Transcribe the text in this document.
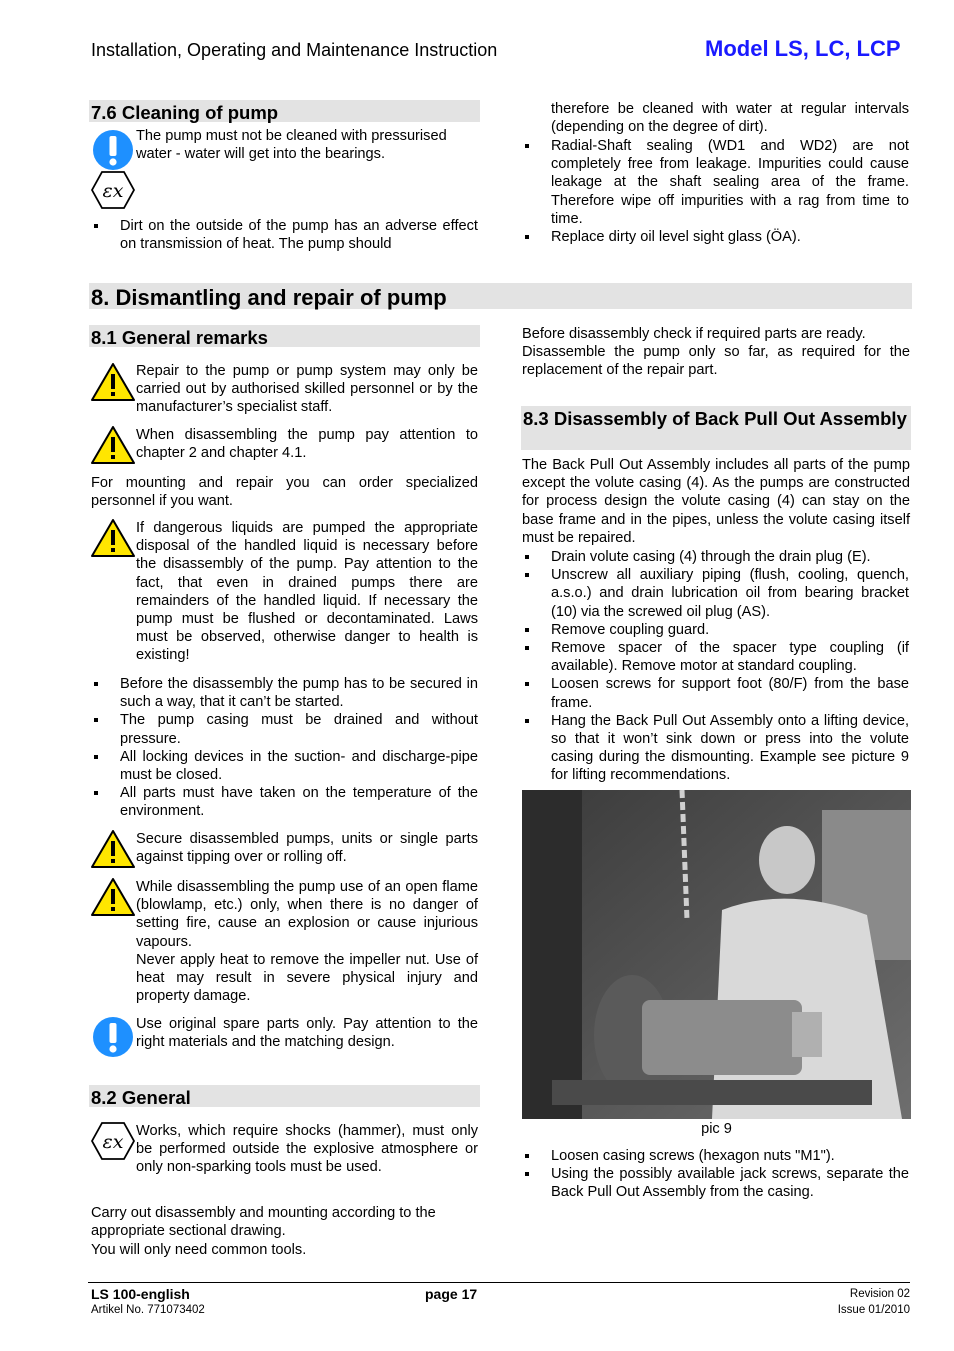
Installation, Operating and Maintenance Instruction	Model LS, LC, LCP
7.6 Cleaning of pump
The pump must not be cleaned with pressurised water - water will get into the bearings.
εx
Dirt on the outside of the pump has an adverse effect on transmission of heat. The pump should
therefore be cleaned with water at regular intervals (depending on the degree of dirt).
Radial-Shaft sealing (WD1 and WD2) are not completely free from leakage. Impurities could cause leakage at the shaft sealing area of the frame. Therefore wipe off impurities with a rag from time to time.
Replace dirty oil level sight glass (ÖA).
8. Dismantling and repair of pump
8.1 General remarks
Repair to the pump or pump system may only be carried out by authorised skilled personnel or by the manufacturer’s specialist staff.
When disassembling the pump pay attention to chapter 2 and chapter 4.1.
For mounting and repair you can order specialized personnel if you want.
If dangerous liquids are pumped the appropriate disposal of the handled liquid is necessary before the disassembly of the pump. Pay attention to the fact, that even in drained pumps there are remainders of the handled liquid. If necessary the pump must be flushed or decontaminated. Laws must be observed, otherwise danger to health is existing!
Before the disassembly the pump has to be secured in such a way, that it can’t be started.
The pump casing must be drained and without pressure.
All locking devices in the suction- and discharge-pipe must be closed.
All parts must have taken on the temperature of the environment.
Secure disassembled pumps, units or single parts against tipping over or rolling off.
While disassembling the pump use of an open flame (blowlamp, etc.) only, when there is no danger of setting fire, cause an explosion or cause injurious vapours.
Never apply heat to remove the impeller nut. Use of heat may result in severe physical injury and property damage.
Use original spare parts only. Pay attention to the right materials and the matching design.
8.2 General
εx Works, which require shocks (hammer), must only be performed outside the explosive atmosphere or only non-sparking tools must be used.
Carry out disassembly and mounting according to the appropriate sectional drawing.
You will only need common tools.
Before disassembly check if required parts are ready.
Disassemble the pump only so far, as required for the replacement of the repair part.
8.3 Disassembly of Back Pull Out Assembly
The Back Pull Out Assembly includes all parts of the pump except the volute casing (4). As the pumps are constructed for process design the volute casing (4) can stay on the base frame and in the pipes, unless the volute casing itself must be repaired.
Drain volute casing (4) through the drain plug (E).
Unscrew all auxiliary piping (flush, cooling, quench, a.s.o.) and drain lubrication oil from bearing bracket (10) via the screwed oil plug (AS).
Remove coupling guard.
Remove spacer of the spacer type coupling (if available). Remove motor at standard coupling.
Loosen screws for support foot (80/F) from the base frame.
Hang the Back Pull Out Assembly onto a lifting device, so that it won’t sink down or press into the volute casing during the dismounting. Example see picture 9 for lifting recommendations.
pic 9
Loosen casing screws (hexagon nuts "M1").
Using the possibly available jack screws, separate the Back Pull Out Assembly from the casing.
LS 100-english
Artikel No. 771073402
page 17	Revision 02
Issue 01/2010
